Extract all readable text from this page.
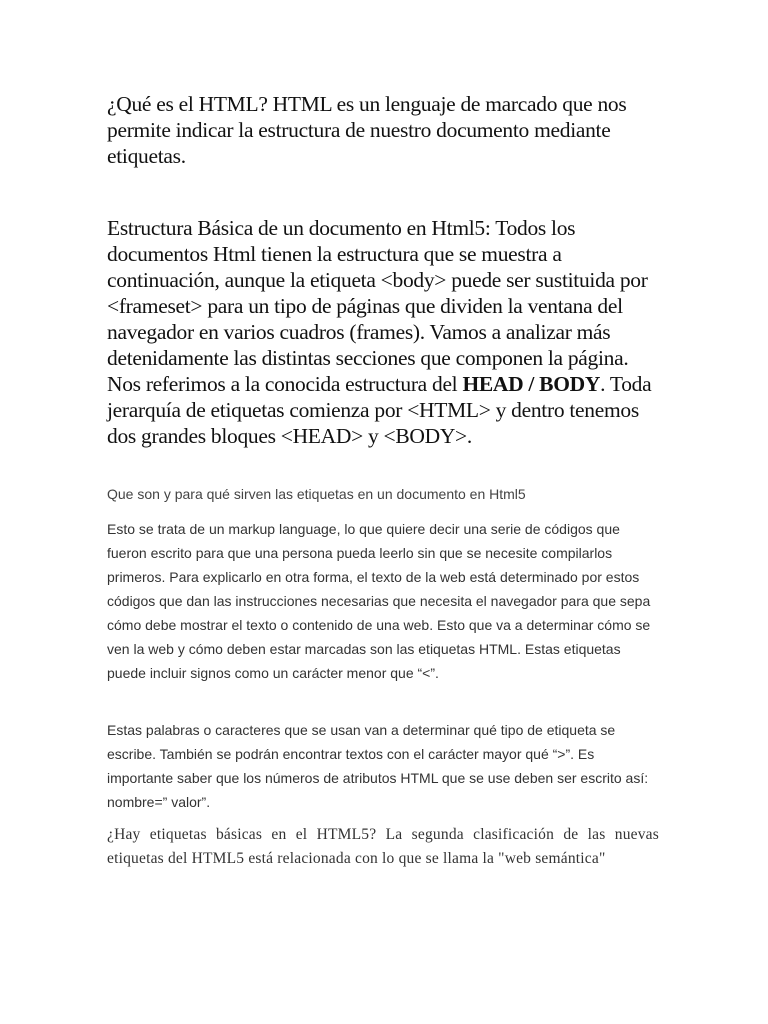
¿Qué es el HTML? HTML es un lenguaje de marcado que nos permite indicar la estructura de nuestro documento mediante etiquetas.
Estructura Básica de un documento en Html5: Todos los documentos Html tienen la estructura que se muestra a continuación, aunque la etiqueta <body> puede ser sustituida por <frameset> para un tipo de páginas que dividen la ventana del navegador en varios cuadros (frames). Vamos a analizar más detenidamente las distintas secciones que componen la página. Nos referimos a la conocida estructura del HEAD / BODY. Toda jerarquía de etiquetas comienza por <HTML> y dentro tenemos dos grandes bloques <HEAD> y <BODY>.
Que son y para qué sirven las etiquetas en un documento en Html5
Esto se trata de un markup language, lo que quiere decir una serie de códigos que fueron escrito para que una persona pueda leerlo sin que se necesite compilarlos primeros. Para explicarlo en otra forma, el texto de la web está determinado por estos códigos que dan las instrucciones necesarias que necesita el navegador para que sepa cómo debe mostrar el texto o contenido de una web. Esto que va a determinar cómo se ven la web y cómo deben estar marcadas son las etiquetas HTML. Estas etiquetas puede incluir signos como un carácter menor que “<”.
Estas palabras o caracteres que se usan van a determinar qué tipo de etiqueta se escribe. También se podrán encontrar textos con el carácter mayor qué “>”. Es importante saber que los números de atributos HTML que se use deben ser escrito así: nombre=” valor”.
¿Hay etiquetas básicas en el HTML5? La segunda clasificación de las nuevas etiquetas del HTML5 está relacionada con lo que se llama la "web semántica"
